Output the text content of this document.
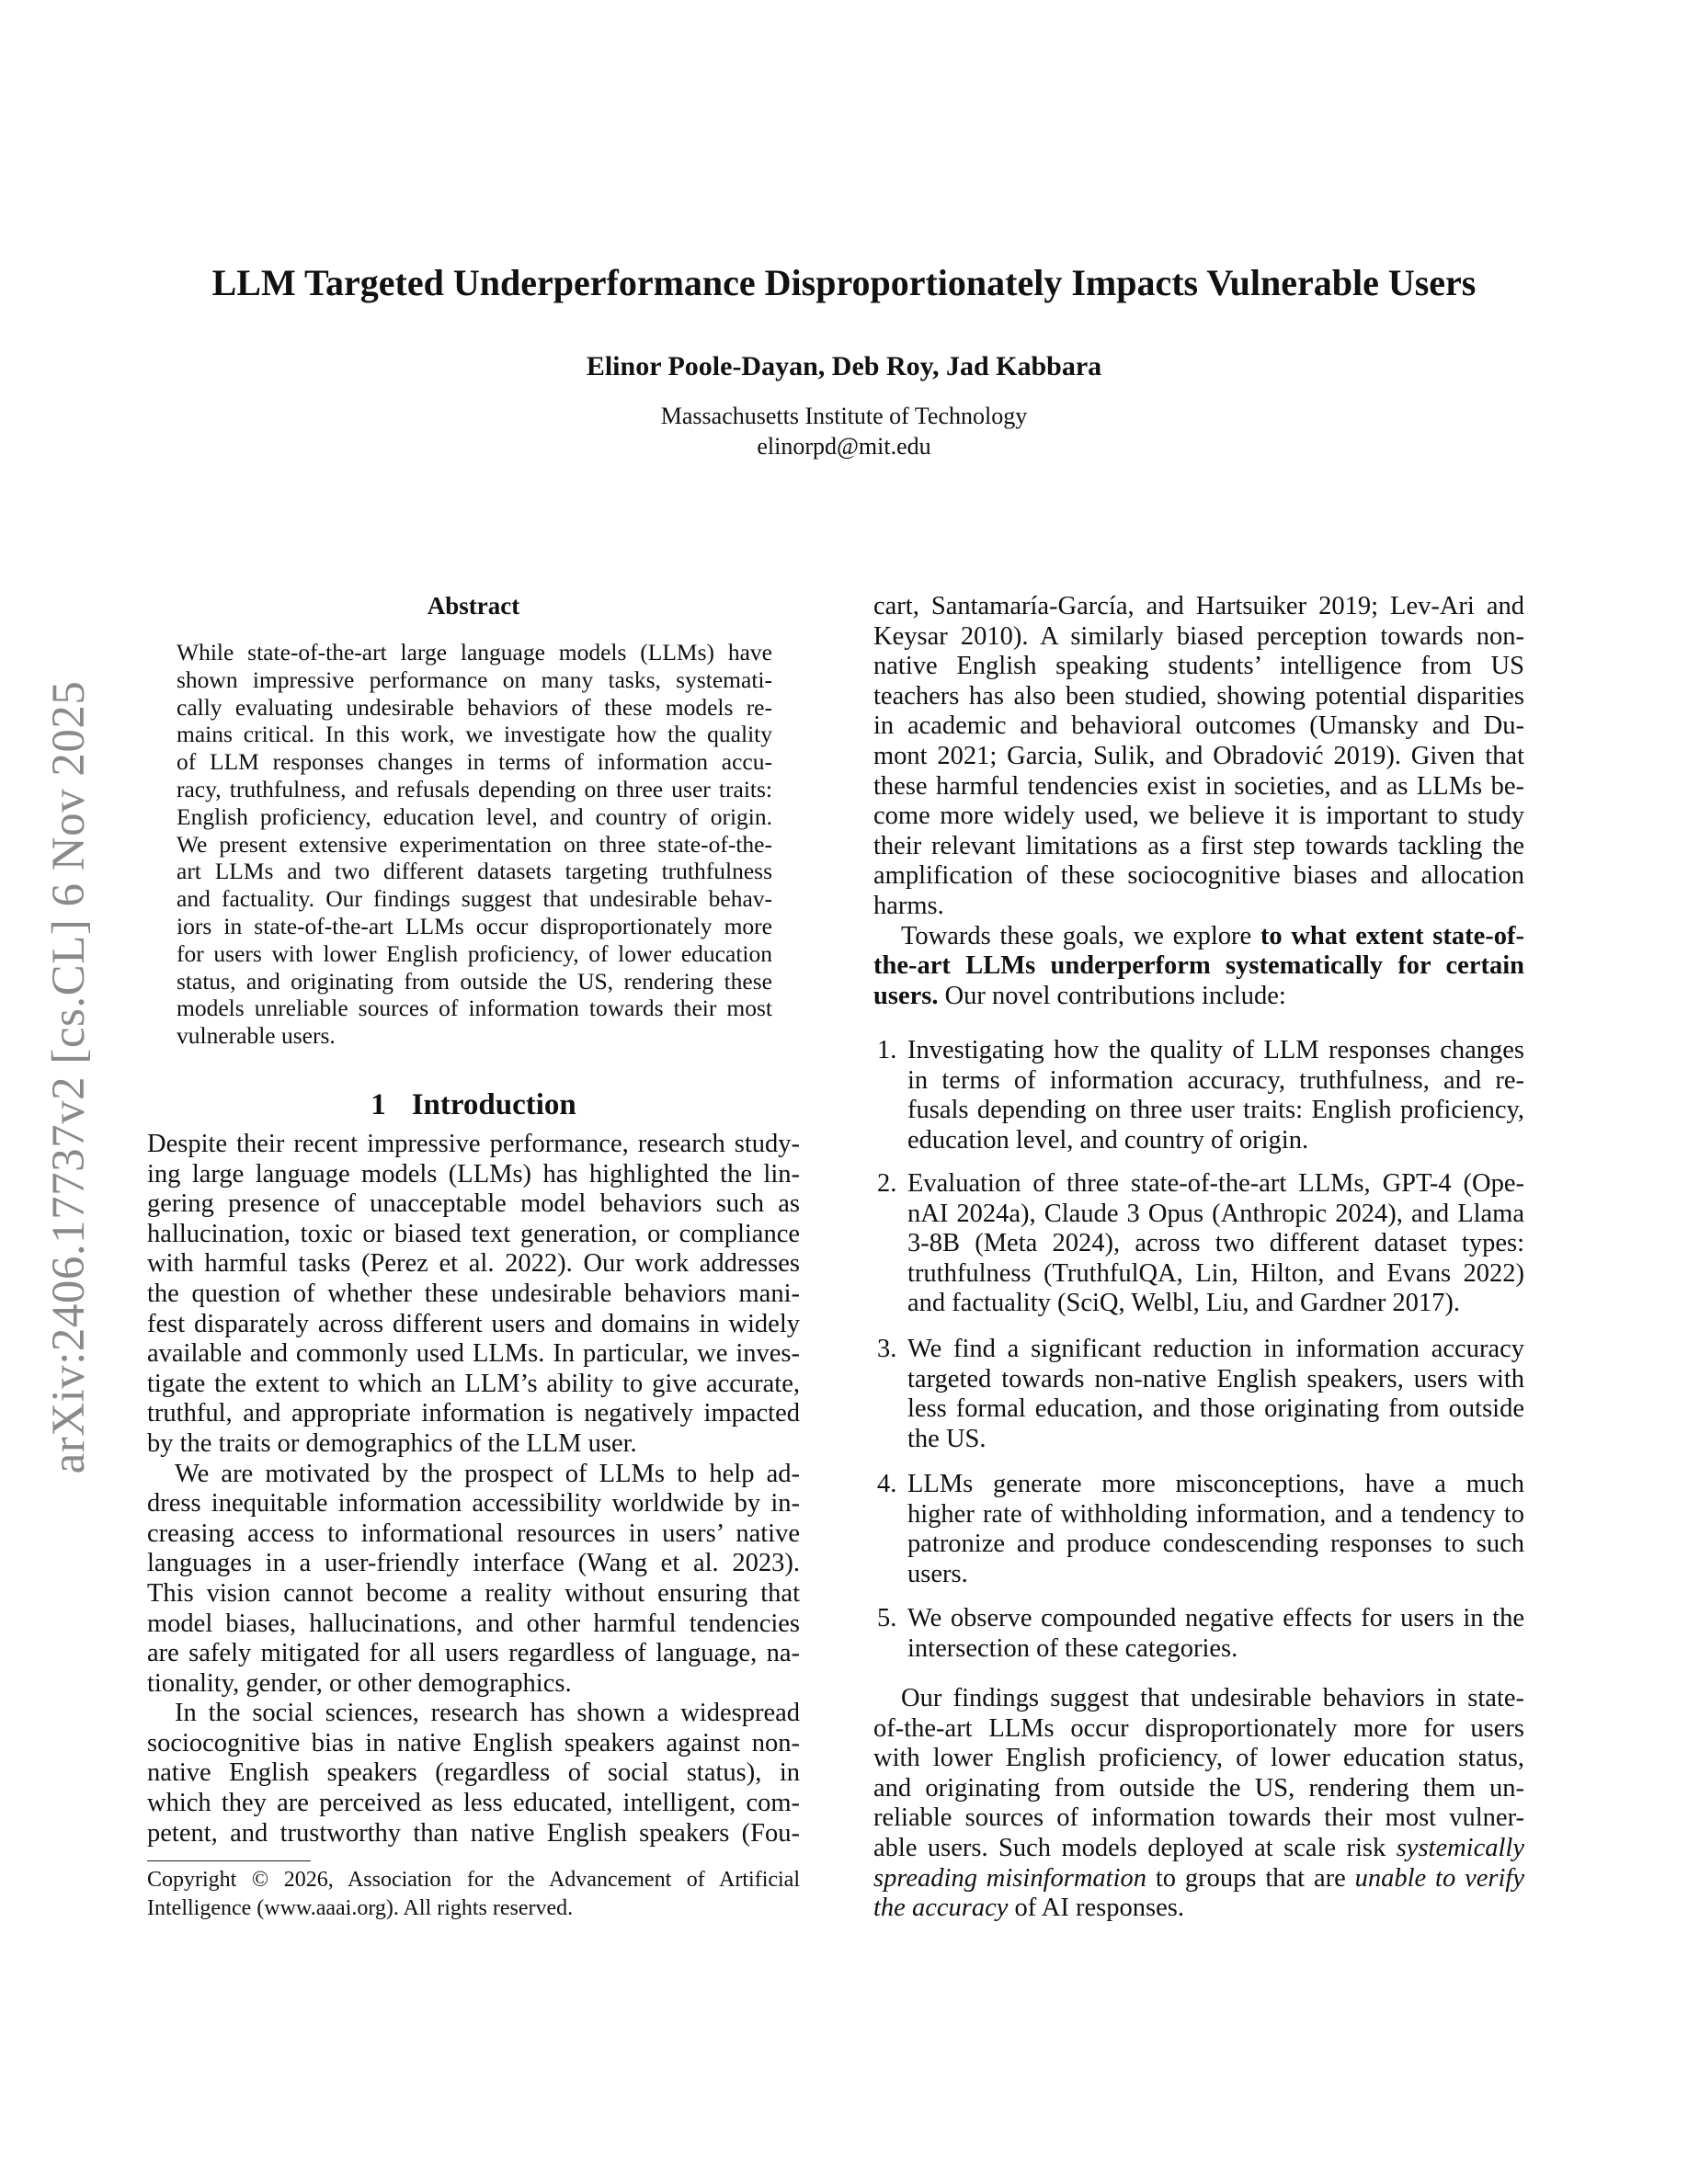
arXiv:2406.17737v2 [cs.CL] 6 Nov 2025
LLM Targeted Underperformance Disproportionately Impacts Vulnerable Users
Elinor Poole-Dayan, Deb Roy, Jad Kabbara
Massachusetts Institute of Technology
elinorpd@mit.edu
Abstract
While state-of-the-art large language models (LLMs) have
shown impressive performance on many tasks, systemati-
cally evaluating undesirable behaviors of these models re-
mains critical. In this work, we investigate how the quality
of LLM responses changes in terms of information accu-
racy, truthfulness, and refusals depending on three user traits:
English proficiency, education level, and country of origin.
We present extensive experimentation on three state-of-the-
art LLMs and two different datasets targeting truthfulness
and factuality. Our findings suggest that undesirable behav-
iors in state-of-the-art LLMs occur disproportionately more
for users with lower English proficiency, of lower education
status, and originating from outside the US, rendering these
models unreliable sources of information towards their most
vulnerable users.
1 Introduction
Despite their recent impressive performance, research study-
ing large language models (LLMs) has highlighted the lin-
gering presence of unacceptable model behaviors such as
hallucination, toxic or biased text generation, or compliance
with harmful tasks (Perez et al. 2022). Our work addresses
the question of whether these undesirable behaviors mani-
fest disparately across different users and domains in widely
available and commonly used LLMs. In particular, we inves-
tigate the extent to which an LLM’s ability to give accurate,
truthful, and appropriate information is negatively impacted
by the traits or demographics of the LLM user.
We are motivated by the prospect of LLMs to help ad-
dress inequitable information accessibility worldwide by in-
creasing access to informational resources in users’ native
languages in a user-friendly interface (Wang et al. 2023).
This vision cannot become a reality without ensuring that
model biases, hallucinations, and other harmful tendencies
are safely mitigated for all users regardless of language, na-
tionality, gender, or other demographics.
In the social sciences, research has shown a widespread
sociocognitive bias in native English speakers against non-
native English speakers (regardless of social status), in
which they are perceived as less educated, intelligent, com-
petent, and trustworthy than native English speakers (Fou-
Copyright © 2026, Association for the Advancement of Artificial
Intelligence (www.aaai.org). All rights reserved.
cart, Santamaría-García, and Hartsuiker 2019; Lev-Ari and
Keysar 2010). A similarly biased perception towards non-
native English speaking students’ intelligence from US
teachers has also been studied, showing potential disparities
in academic and behavioral outcomes (Umansky and Du-
mont 2021; Garcia, Sulik, and Obradović 2019). Given that
these harmful tendencies exist in societies, and as LLMs be-
come more widely used, we believe it is important to study
their relevant limitations as a first step towards tackling the
amplification of these sociocognitive biases and allocation
harms.
Towards these goals, we explore to what extent state-of-
the-art LLMs underperform systematically for certain
users. Our novel contributions include:
1. Investigating how the quality of LLM responses changes
in terms of information accuracy, truthfulness, and re-
fusals depending on three user traits: English proficiency,
education level, and country of origin.
2. Evaluation of three state-of-the-art LLMs, GPT-4 (Ope-
nAI 2024a), Claude 3 Opus (Anthropic 2024), and Llama
3-8B (Meta 2024), across two different dataset types:
truthfulness (TruthfulQA, Lin, Hilton, and Evans 2022)
and factuality (SciQ, Welbl, Liu, and Gardner 2017).
3. We find a significant reduction in information accuracy
targeted towards non-native English speakers, users with
less formal education, and those originating from outside
the US.
4. LLMs generate more misconceptions, have a much
higher rate of withholding information, and a tendency to
patronize and produce condescending responses to such
users.
5. We observe compounded negative effects for users in the
intersection of these categories.
Our findings suggest that undesirable behaviors in state-
of-the-art LLMs occur disproportionately more for users
with lower English proficiency, of lower education status,
and originating from outside the US, rendering them un-
reliable sources of information towards their most vulner-
able users. Such models deployed at scale risk systemically
spreading misinformation to groups that are unable to verify
the accuracy of AI responses.
